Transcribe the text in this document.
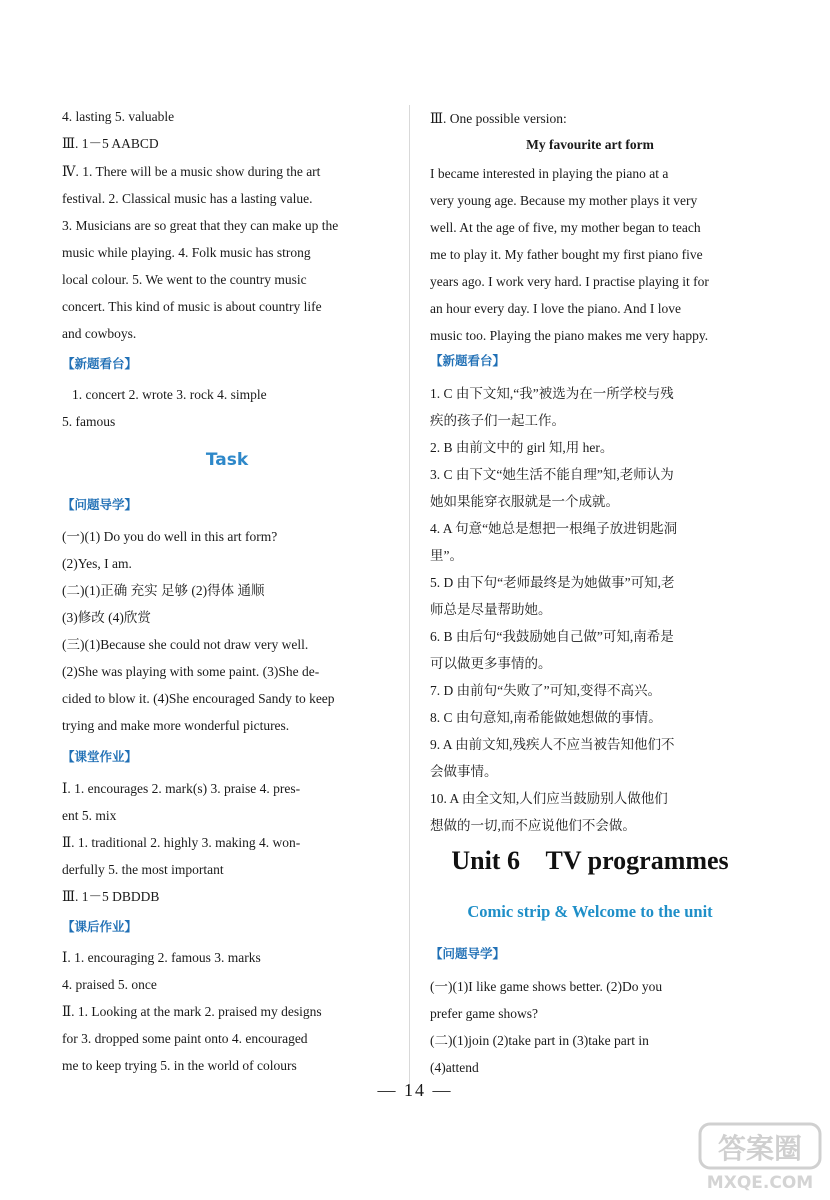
4. lasting 5. valuable
Ⅲ. 1－5 AABCD
Ⅳ. 1. There will be a music show during the art
festival. 2. Classical music has a lasting value.
3. Musicians are so great that they can make up the
music while playing. 4. Folk music has strong
local colour. 5. We went to the country music
concert. This kind of music is about country life
and cowboys.
【新题看台】
1. concert 2. wrote 3. rock 4. simple
5. famous
Task
【问题导学】
(一)(1) Do you do well in this art form?
(2)Yes, I am.
(二)(1)正确 充实 足够 (2)得体 通顺
(3)修改 (4)欣赏
(三)(1)Because she could not draw very well.
(2)She was playing with some paint. (3)She de-
cided to blow it. (4)She encouraged Sandy to keep
trying and make more wonderful pictures.
【课堂作业】
Ⅰ. 1. encourages 2. mark(s) 3. praise 4. pres-
ent 5. mix
Ⅱ. 1. traditional 2. highly 3. making 4. won-
derfully 5. the most important
Ⅲ. 1－5 DBDDB
【课后作业】
Ⅰ. 1. encouraging 2. famous 3. marks
4. praised 5. once
Ⅱ. 1. Looking at the mark 2. praised my designs
for 3. dropped some paint onto 4. encouraged
me to keep trying 5. in the world of colours
Ⅲ. One possible version:
My favourite art form
I became interested in playing the piano at a
very young age. Because my mother plays it very
well. At the age of five, my mother began to teach
me to play it. My father bought my first piano five
years ago. I work very hard. I practise playing it for
an hour every day. I love the piano. And I love
music too. Playing the piano makes me very happy.
【新题看台】
1. C 由下文知,“我”被选为在一所学校与残
疾的孩子们一起工作。
2. B 由前文中的 girl 知,用 her。
3. C 由下文“她生活不能自理”知,老师认为
她如果能穿衣服就是一个成就。
4. A 句意“她总是想把一根绳子放进钥匙洞
里”。
5. D 由下句“老师最终是为她做事”可知,老
师总是尽量帮助她。
6. B 由后句“我鼓励她自己做”可知,南希是
可以做更多事情的。
7. D 由前句“失败了”可知,变得不高兴。
8. C 由句意知,南希能做她想做的事情。
9. A 由前文知,残疾人不应当被告知他们不
会做事情。
10. A 由全文知,人们应当鼓励别人做他们
想做的一切,而不应说他们不会做。
Unit 6    TV programmes
Comic strip & Welcome to the unit
【问题导学】
(一)(1)I like game shows better. (2)Do you
prefer game shows?
(二)(1)join (2)take part in (3)take part in
(4)attend
— 14 —
答案圈
MXQE.COM
